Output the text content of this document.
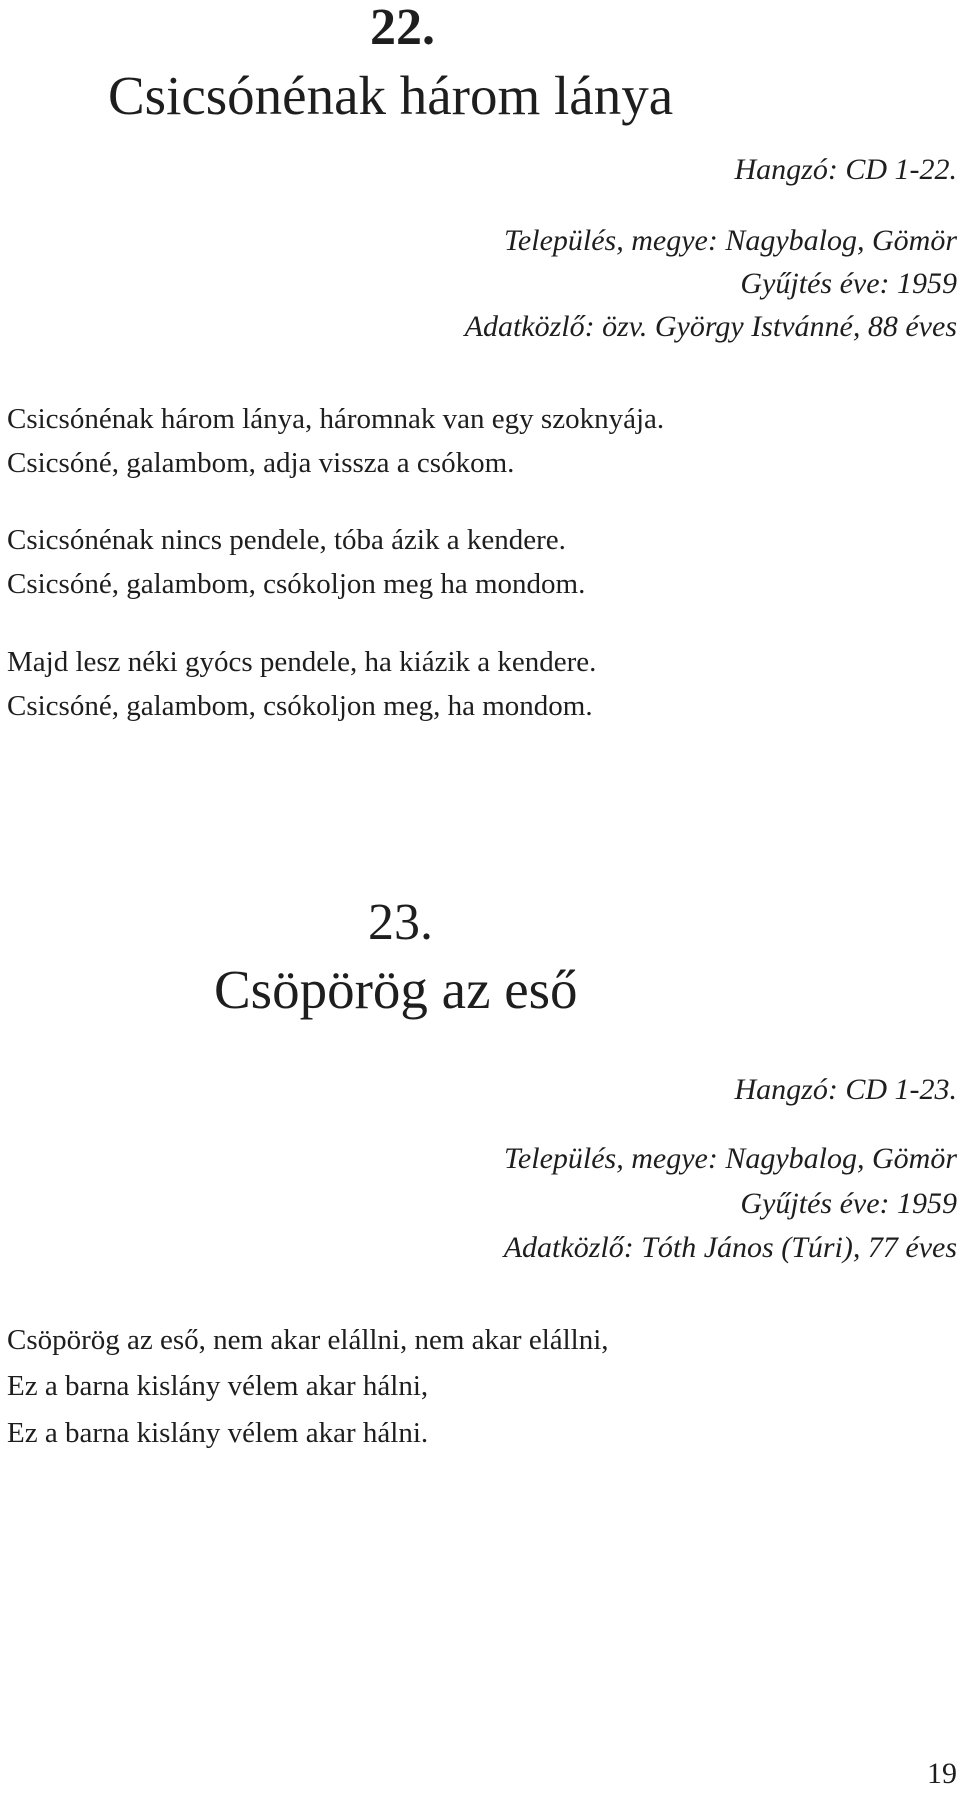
22.
Csicsónénak három lánya

Hangzó: CD 1-22.

Település, megye: Nagybalog, Gömör

Gyűjtés éve: 1959

Adatközlő: özv. György Istvánné, 88 éves

Csicsónénak három lánya, háromnak van egy szoknyája.
Csicsóné, galambom, adja vissza a csókom.
Csicsónénak nincs pendele, tóba ázik a kendere.
Csicsóné, galambom, csókoljon meg ha mondom.
Majd lesz néki gyócs pendele, ha kiázik a kendere.
Csicsóné, galambom, csókoljon meg, ha mondom.
23.
Csöpörög az eső

Hangzó: CD 1-23.

Település, megye: Nagybalog, Gömör

Gyűjtés éve: 1959

Adatközlő: Tóth János (Túri), 77 éves

Csöpörög az eső, nem akar elállni, nem akar elállni,
Ez a barna kislány vélem akar hálni,
Ez a barna kislány vélem akar hálni.
19
